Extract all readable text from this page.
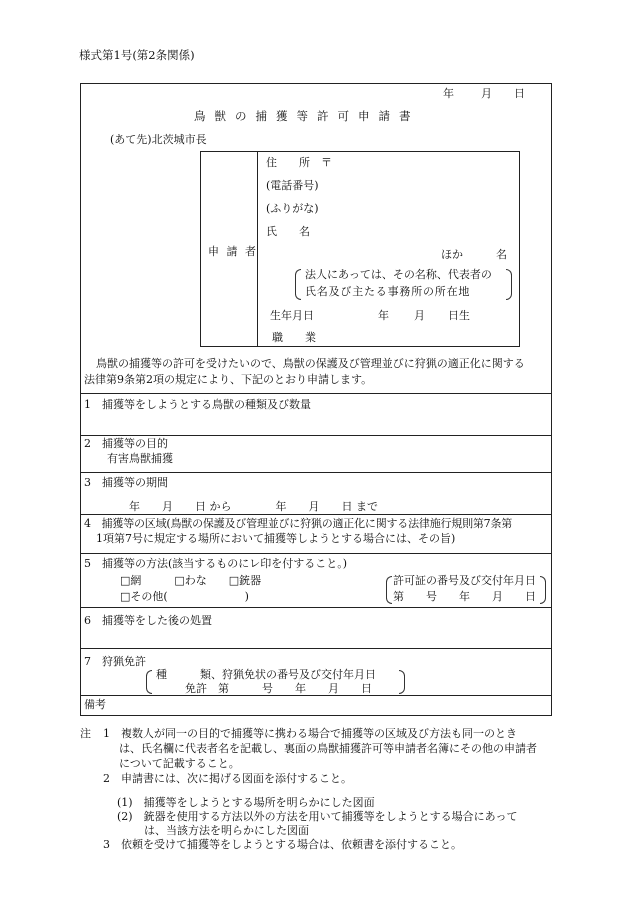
様式第1号(第2条関係)
年 月 日
鳥獣の捕獲等許可申請書
(あて先)北茨城市長
申 請 者
住　　所　〒
(電話番号)
(ふりがな)
氏　　名
ほか　　　名
法人にあっては、その名称、代表者の
氏名及び主たる事務所の所在地
生年月日	年 月 日生
職　　業
鳥獣の捕獲等の許可を受けたいので、鳥獣の保護及び管理並びに狩猟の適正化に関する
法律第9条第2項の規定により、下記のとおり申請します。
1　捕獲等をしようとする鳥獣の種類及び数量
2　捕獲等の目的
有害鳥獣捕獲
3　捕獲等の期間
年　　月　　日 から　　　　年　　月　　日 まで
4　捕獲等の区域(鳥獣の保護及び管理並びに狩猟の適正化に関する法律施行規則第7条第
1項第7号に規定する場所において捕獲等しようとする場合には、その旨)
5　捕獲等の方法(該当するものにレ印を付すること。)
□網　　　□わな　　□銃器
□その他(　　　　　　　)
許可証の番号及び交付年月日
第　　号　　年　　月　　日
6　捕獲等をした後の処置
7　狩猟免許
種　　　類、狩猟免状の番号及び交付年月日
免許　第　　　号　　年　　月　　日
備考
注 1　複数人が同一の目的で捕獲等に携わる場合で捕獲等の区域及び方法も同一のとき
は、氏名欄に代表者名を記載し、裏面の鳥獣捕獲許可等申請者名簿にその他の申請者
について記載すること。
2　申請書には、次に掲げる図面を添付すること。
(1)　捕獲等をしようとする場所を明らかにした図面
(2)　銃器を使用する方法以外の方法を用いて捕獲等をしようとする場合にあって
は、当該方法を明らかにした図面
3　依頼を受けて捕獲等をしようとする場合は、依頼書を添付すること。
